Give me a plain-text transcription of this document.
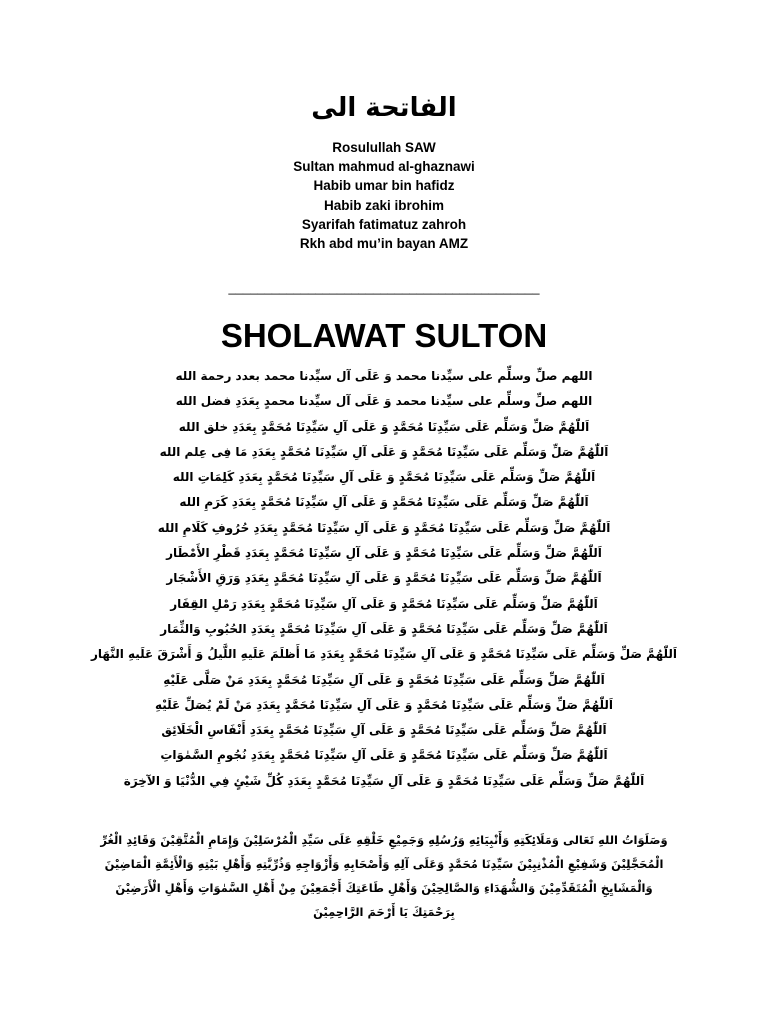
الفاتحة الى
Rosulullah SAW
Sultan mahmud al-ghaznawi
Habib umar bin hafidz
Habib zaki ibrohim
Syarifah fatimatuz zahroh
Rkh abd mu’in bayan AMZ
___________________________________________
SHOLAWAT SULTON
اللهم صلِّ وسلِّم على سيِّدنا محمد وَ عَلَى آل سيِّدنا محمد بعدد رحمة الله
اللهم صلِّ وسلِّم على سيِّدنا محمد وَ عَلَى آل سيِّدنا محمدٍ بِعَدَدِ فضل الله
اَللّٰهُمَّ صَلِّ وَسَلِّم عَلَى سَيِّدِنَا مُحَمَّدٍ وَ عَلَى آلِ سَيِّدِنَا مُحَمَّدٍ بِعَدَدِ خلق الله
اَللّٰهُمَّ صَلِّ وَسَلِّم عَلَى سَيِّدِنَا مُحَمَّدٍ وَ عَلَى آلِ سَيِّدِنَا مُحَمَّدٍ بِعَدَدِ مَا فِى عِلم الله
اَللّٰهُمَّ صَلِّ وَسَلِّم عَلَى سَيِّدِنَا مُحَمَّدٍ وَ عَلَى آلِ سَيِّدِنَا مُحَمَّدٍ بِعَدَدِ كَلِمَاتِ الله
اَللّٰهُمَّ صَلِّ وَسَلِّم عَلَى سَيِّدِنَا مُحَمَّدٍ وَ عَلَى آلِ سَيِّدِنَا مُحَمَّدٍ بِعَدَدِ كَرَمِ الله
اَللّٰهُمَّ صَلِّ وَسَلِّم عَلَى سَيِّدِنَا مُحَمَّدٍ وَ عَلَى آلِ سَيِّدِنَا مُحَمَّدٍ بِعَدَدِ حُرُوفِ كَلَامِ الله
اَللّٰهُمَّ صَلِّ وَسَلِّم عَلَى سَيِّدِنَا مُحَمَّدٍ وَ عَلَى آلِ سَيِّدِنَا مُحَمَّدٍ بِعَدَدِ قَطْرِ الأَمْطَار
اَللّٰهُمَّ صَلِّ وَسَلِّم عَلَى سَيِّدِنَا مُحَمَّدٍ وَ عَلَى آلِ سَيِّدِنَا مُحَمَّدٍ بِعَدَدِ وَرَقِ الأَشْجَار
اَللّٰهُمَّ صَلِّ وَسَلِّم عَلَى سَيِّدِنَا مُحَمَّدٍ وَ عَلَى آلِ سَيِّدِنَا مُحَمَّدٍ بِعَدَدِ رَمْلِ القِفَار
اَللّٰهُمَّ صَلِّ وَسَلِّم عَلَى سَيِّدِنَا مُحَمَّدٍ وَ عَلَى آلِ سَيِّدِنَا مُحَمَّدٍ بِعَدَدِ الحُبُوبِ وَالثِّمَار
اَللّٰهُمَّ صَلِّ وَسَلِّم عَلَى سَيِّدِنَا مُحَمَّدٍ وَ عَلَى آلِ سَيِّدِنَا مُحَمَّدٍ بِعَدَدِ مَا أَظلَمَ عَلَيهِ اللَّيلُ وَ أَشْرَقَ عَلَيهِ النَّهَار
اَللّٰهُمَّ صَلِّ وَسَلِّم عَلَى سَيِّدِنَا مُحَمَّدٍ وَ عَلَى آلِ سَيِّدِنَا مُحَمَّدٍ بِعَدَدِ مَنْ صَلَّى عَلَيْهِ
اَللّٰهُمَّ صَلِّ وَسَلِّم عَلَى سَيِّدِنَا مُحَمَّدٍ وَ عَلَى آلِ سَيِّدِنَا مُحَمَّدٍ بِعَدَدِ مَنْ لَمْ يُصَلِّ عَلَيْهِ
اَللّٰهُمَّ صَلِّ وَسَلِّم عَلَى سَيِّدِنَا مُحَمَّدٍ وَ عَلَى آلِ سَيِّدِنَا مُحَمَّدٍ بِعَدَدِ أَنْفَاسِ الْخَلَائِق
اَللّٰهُمَّ صَلِّ وَسَلِّم عَلَى سَيِّدِنَا مُحَمَّدٍ وَ عَلَى آلِ سَيِّدِنَا مُحَمَّدٍ بِعَدَدِ نُجُومِ السَّمٰوَاتِ
اَللّٰهُمَّ صَلِّ وَسَلِّم عَلَى سَيِّدِنَا مُحَمَّدٍ وَ عَلَى آلِ سَيِّدِنَا مُحَمَّدٍ بِعَدَدِ كُلِّ شَيْئٍ فِي الدُّنْيَا وَ الآخِرَة
وَصَلَوَاتُ اللهِ تَعَالى وَمَلَائِكَتِهِ وَأَنْبِيَائِهِ وَرُسُلِهِ وَجَمِيْعِ خَلْقِهِ عَلَى سَيِّدِ الْمُرْسَلِيْنَ وَإِمَامِ الْمُتَّقِيْنَ وَقَائِدِ الْغُرِّ
الْمُحَجَّلِيْنَ وَشَفِيْعِ الْمُذْنِبِيْنَ سَيِّدِنَا مُحَمَّدٍ وَعَلَى آلِهِ وَأَصْحَابِهِ وَأَزْوَاجِهِ وَذُرِّيَّتِهِ وَأَهْلِ بَيْتِهِ وَالْأَئِمَّةِ الْمَاضِيْنَ
وَالْمَشَايِخِ الْمُتَقَدِّمِيْنَ وَالشُّهَدَاءِ وَالصَّالِحِيْنَ وَأَهْلِ طَاعَتِكَ أَجْمَعِيْنَ مِنْ أَهْلِ السَّمٰوَاتِ وَأَهْلِ الْأَرَضِيْنَ
بِرَحْمَتِكَ يَا أَرْحَمَ الرَّاحِمِيْنَ
